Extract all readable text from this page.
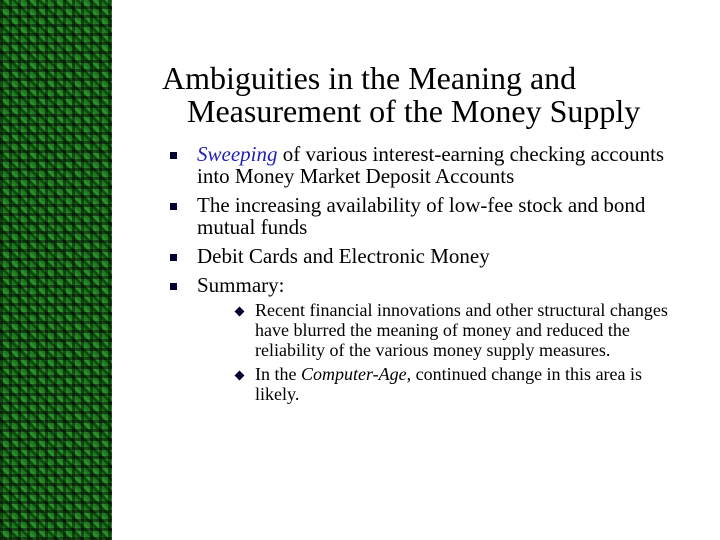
Ambiguities in the Meaning and
Measurement of the Money Supply
Sweeping of various interest-earning checking accounts into Money Market Deposit Accounts
The increasing availability of low-fee stock and bond mutual funds
Debit Cards and Electronic Money
Summary:
Recent financial innovations and other structural changes have blurred the meaning of money and reduced the reliability of the various money supply measures.
In the Computer-Age, continued change in this area is likely.
